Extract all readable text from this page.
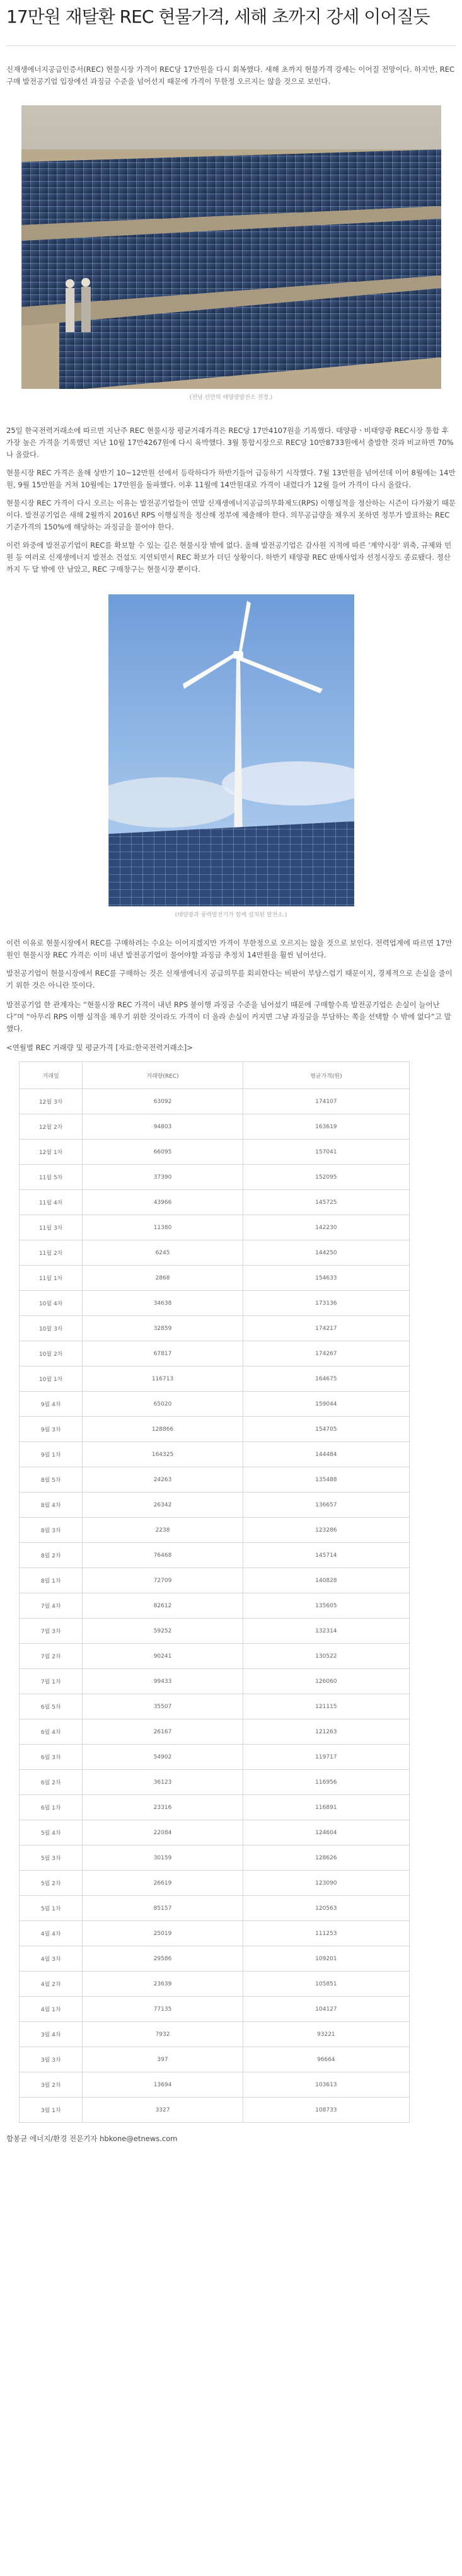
17만원 재탈환 REC 현물가격, 세해 초까지 강세 이어질듯

신재생에너지공급인증서(REC) 현물시장 가격이 REC당 17만원을 다시 회복했다. 새해 초까지 현물가격 강세는 이어질 전망이다. 하지만, REC 구매 발전공기업 입장에선 과징금 수준을 넘어선지 때문에 가격이 무한정 오르지는 않을 것으로 보인다.

(전남 신안의 태양광발전소 전경.)

25일 한국전력거래소에 따르면 지난주 REC 현물시장 평균거래가격은 REC당 17만4107원을 기록했다. 태양광ㆍ비태양광 REC시장 통합 후 가장 높은 가격을 기록했던 지난 10월 17만4267원에 다시 육박했다. 3월 통합시장으로 REC당 10만8733원에서 출발한 것과 비교하면 70%나 올랐다.

현물시장 REC 가격은 올해 상반기 10~12만원 선에서 등락하다가 하반기들어 급등하기 시작했다. 7월 13만원을 넘어선데 이어 8월에는 14만원, 9월 15만원을 거쳐 10월에는 17만원을 돌파했다. 이후 11월에 14만원대로 가격이 내렸다가 12월 들어 가격이 다시 올랐다.

현물시장 REC 가격이 다시 오르는 이유는 발전공기업들이 연말 신재생에너지공급의무화제도(RPS) 이행실적을 정산하는 시즌이 다가왔기 때문이다. 발전공기업은 새해 2월까지 2016년 RPS 이행실적을 정산해 정부에 제출해야 한다. 의무공급량을 채우지 못하면 정부가 발표하는 REC 기준가격의 150%에 해당하는 과징금을 물어야 한다.

이런 와중에 발전공기업이 REC를 확보할 수 있는 길은 현물시장 밖에 없다. 올해 발전공기업은 감사원 지적에 따른 '계약시장' 위축, 규제와 민원 등 여러로 신재생에너지 발전소 건설도 지연되면서 REC 확보가 더딘 상황이다. 하반기 태양광 REC 판매사업자 선정시장도 종료됐다. 정산까지 두 달 밖에 안 남았고, REC 구매창구는 현물시장 뿐이다.

(태양광과 풍력발전기가 함께 설치된 발전소.)

이런 이유로 현물시장에서 REC를 구매하려는 수요는 이어지겠지만 가격이 무한정으로 오르지는 않을 것으로 보인다. 전력업계에 따르면 17만원인 현물시장 REC 가격은 이미 내년 발전공기업이 물어야할 과징금 추정치 14만원을 훨씬 넘어선다.

발전공기업이 현물시장에서 REC를 구매하는 것은 신재생에너지 공급의무를 회피한다는 비판이 부담스럽기 때문이지, 경제적으로 손실을 줄이기 위한 것은 아니란 뜻이다.

발전공기업 한 관계자는 “현물시장 REC 가격이 내년 RPS 불이행 과징금 수준을 넘어섰기 때문에 구매할수록 발전공기업은 손실이 늘어난다”며 “아무리 RPS 이행 실적을 채우기 위한 것이라도 가격이 더 올라 손실이 커지면 그냥 과징금을 부담하는 쪽을 선택할 수 밖에 없다”고 말했다.

<연월별 REC 거래량 및 평균가격 [자료:한국전력거래소]>
거래일	거래량(REC)	평균가격(원)
12월 3차	63092	174107
12월 2차	94803	163619
12월 1차	66095	157041
11월 5차	37390	152095
11월 4차	43966	145725
11월 3차	11380	142230
11월 2차	6245	144250
11월 1차	2868	154633
10월 4차	34638	173136
10월 3차	32859	174217
10월 2차	67817	174267
10월 1차	116713	164675
9월 4차	65020	159044
9월 3차	128866	154705
9월 1차	164325	144484
8월 5차	24263	135488
8월 4차	26342	136657
8월 3차	2238	123286
8월 2차	76468	145714
8월 1차	72709	140828
7월 4차	82612	135605
7월 3차	59252	132314
7월 2차	90241	130522
7월 1차	99433	126060
6월 5차	35507	121115
6월 4차	26167	121263
6월 3차	54902	119717
6월 2차	36123	116956
6월 1차	23316	116891
5월 4차	22084	124604
5월 3차	30159	128626
5월 2차	26619	123090
5월 1차	85157	120563
4월 4차	25019	111253
4월 3차	29586	109201
4월 2차	23639	105851
4월 1차	77135	104127
3월 4차	7932	93221
3월 3차	397	96664
3월 2차	13694	103613
3월 1차	3327	108733
함봉균 에너지/환경 전문기자 hbkone@etnews.com
